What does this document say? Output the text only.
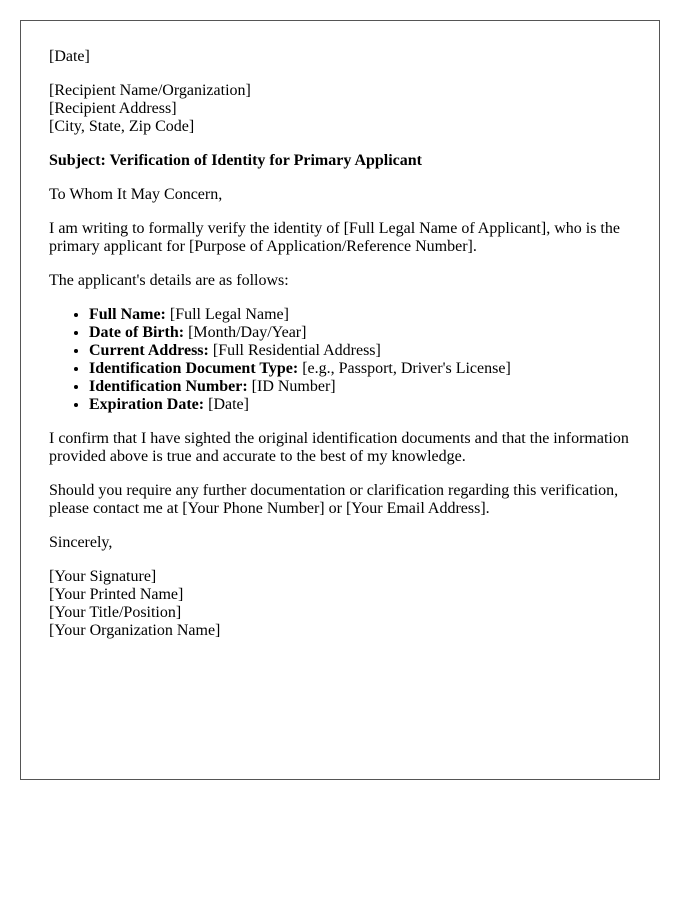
[Date]
[Recipient Name/Organization]
[Recipient Address]
[City, State, Zip Code]
Subject: Verification of Identity for Primary Applicant
To Whom It May Concern,
I am writing to formally verify the identity of [Full Legal Name of Applicant], who is the
primary applicant for [Purpose of Application/Reference Number].
The applicant's details are as follows:
• Full Name: [Full Legal Name]
• Date of Birth: [Month/Day/Year]
• Current Address: [Full Residential Address]
• Identification Document Type: [e.g., Passport, Driver's License]
• Identification Number: [ID Number]
• Expiration Date: [Date]
I confirm that I have sighted the original identification documents and that the information
provided above is true and accurate to the best of my knowledge.
Should you require any further documentation or clarification regarding this verification,
please contact me at [Your Phone Number] or [Your Email Address].
Sincerely,
[Your Signature]
[Your Printed Name]
[Your Title/Position]
[Your Organization Name]
